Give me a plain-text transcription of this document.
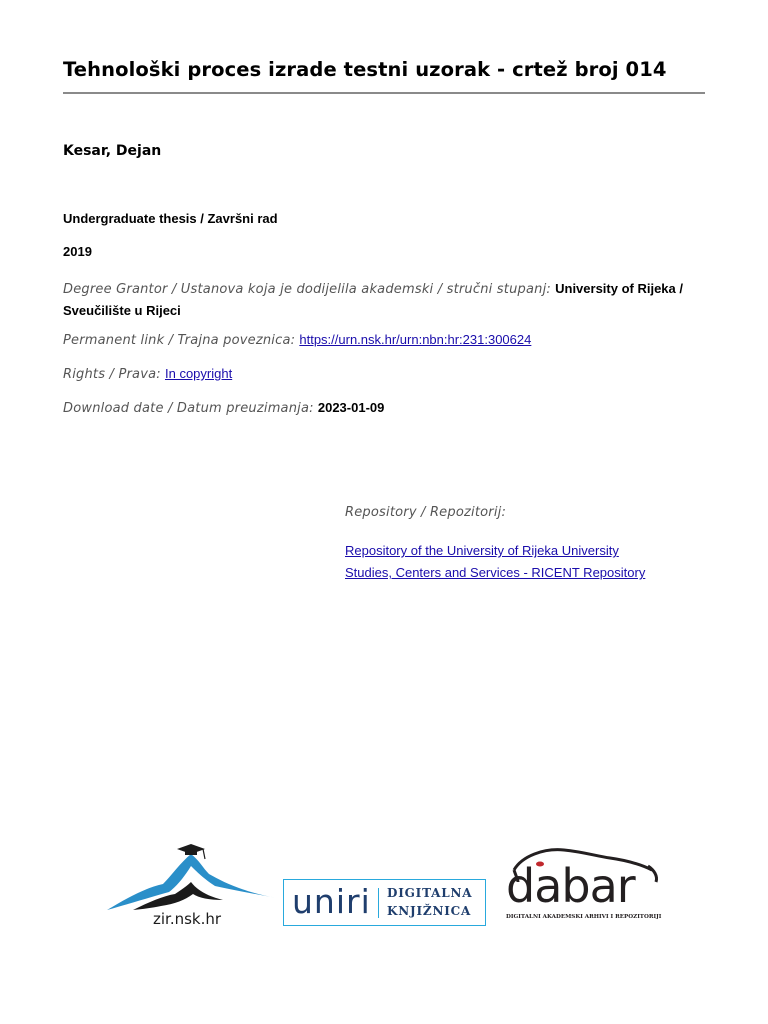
Tehnološki proces izrade testni uzorak - crtež broj 014
Kesar, Dejan
Undergraduate thesis / Završni rad
2019
Degree Grantor / Ustanova koja je dodijelila akademski / stručni stupanj: University of Rijeka / Sveučilište u Rijeci
Permanent link / Trajna poveznica: https://urn.nsk.hr/urn:nbn:hr:231:300624
Rights / Prava: In copyright
Download date / Datum preuzimanja: 2023-01-09
Repository / Repozitorij:
Repository of the University of Rijeka University
Studies, Centers and Services - RICENT Repository
zir.nsk.hr uniri DIGITALNA
KNJIŽNICA dabar
DIGITALNI AKADEMSKI ARHIVI I REPOZITORIJI
